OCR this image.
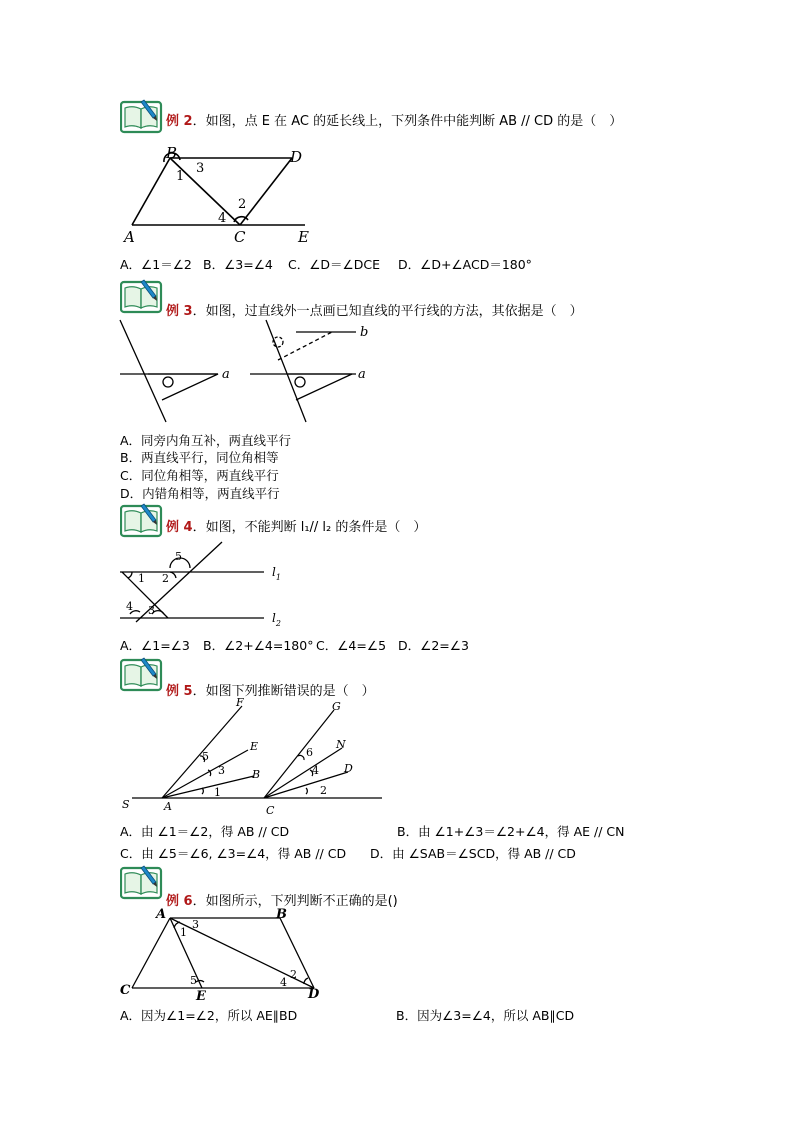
例 2．如图，点 E 在 AC 的延长线上，下列条件中能判断 AB // CD 的是（　）
B	D
A	C	E
1
3
2
4
A．∠1＝∠2 B．∠3=∠4 C．∠D＝∠DCE D．∠D+∠ACD＝180°
例 3．如图，过直线外一点画已知直线的平行线的方法，其依据是（　）
a	a
b
A．同旁内角互补，两直线平行
B．两直线平行，同位角相等
C．同位角相等，两直线平行
D．内错角相等，两直线平行
例 4．如图，不能判断 l₁// l₂ 的条件是（　）
1 2
3
4
5
$l_1$
$l_2$
A．∠1=∠3 B．∠2+∠4=180° C．∠4=∠5 D．∠2=∠3
例 5．如图下列推断错误的是（　）
F
E
B
G
N
D
S	A	C
1	2
3	4
5	6
A．由 ∠1＝∠2，得 AB // CD	B．由 ∠1+∠3＝∠2+∠4，得 AE // CN
C．由 ∠5＝∠6, ∠3=∠4，得 AB // CD D．由 ∠SAB＝∠SCD，得 AB // CD
例 6．如图所示，下列判断不正确的是()
A	B
C	D
E
1
3
5	2
4
A．因为∠1=∠2，所以 AE∥BD	B．因为∠3=∠4，所以 AB∥CD
